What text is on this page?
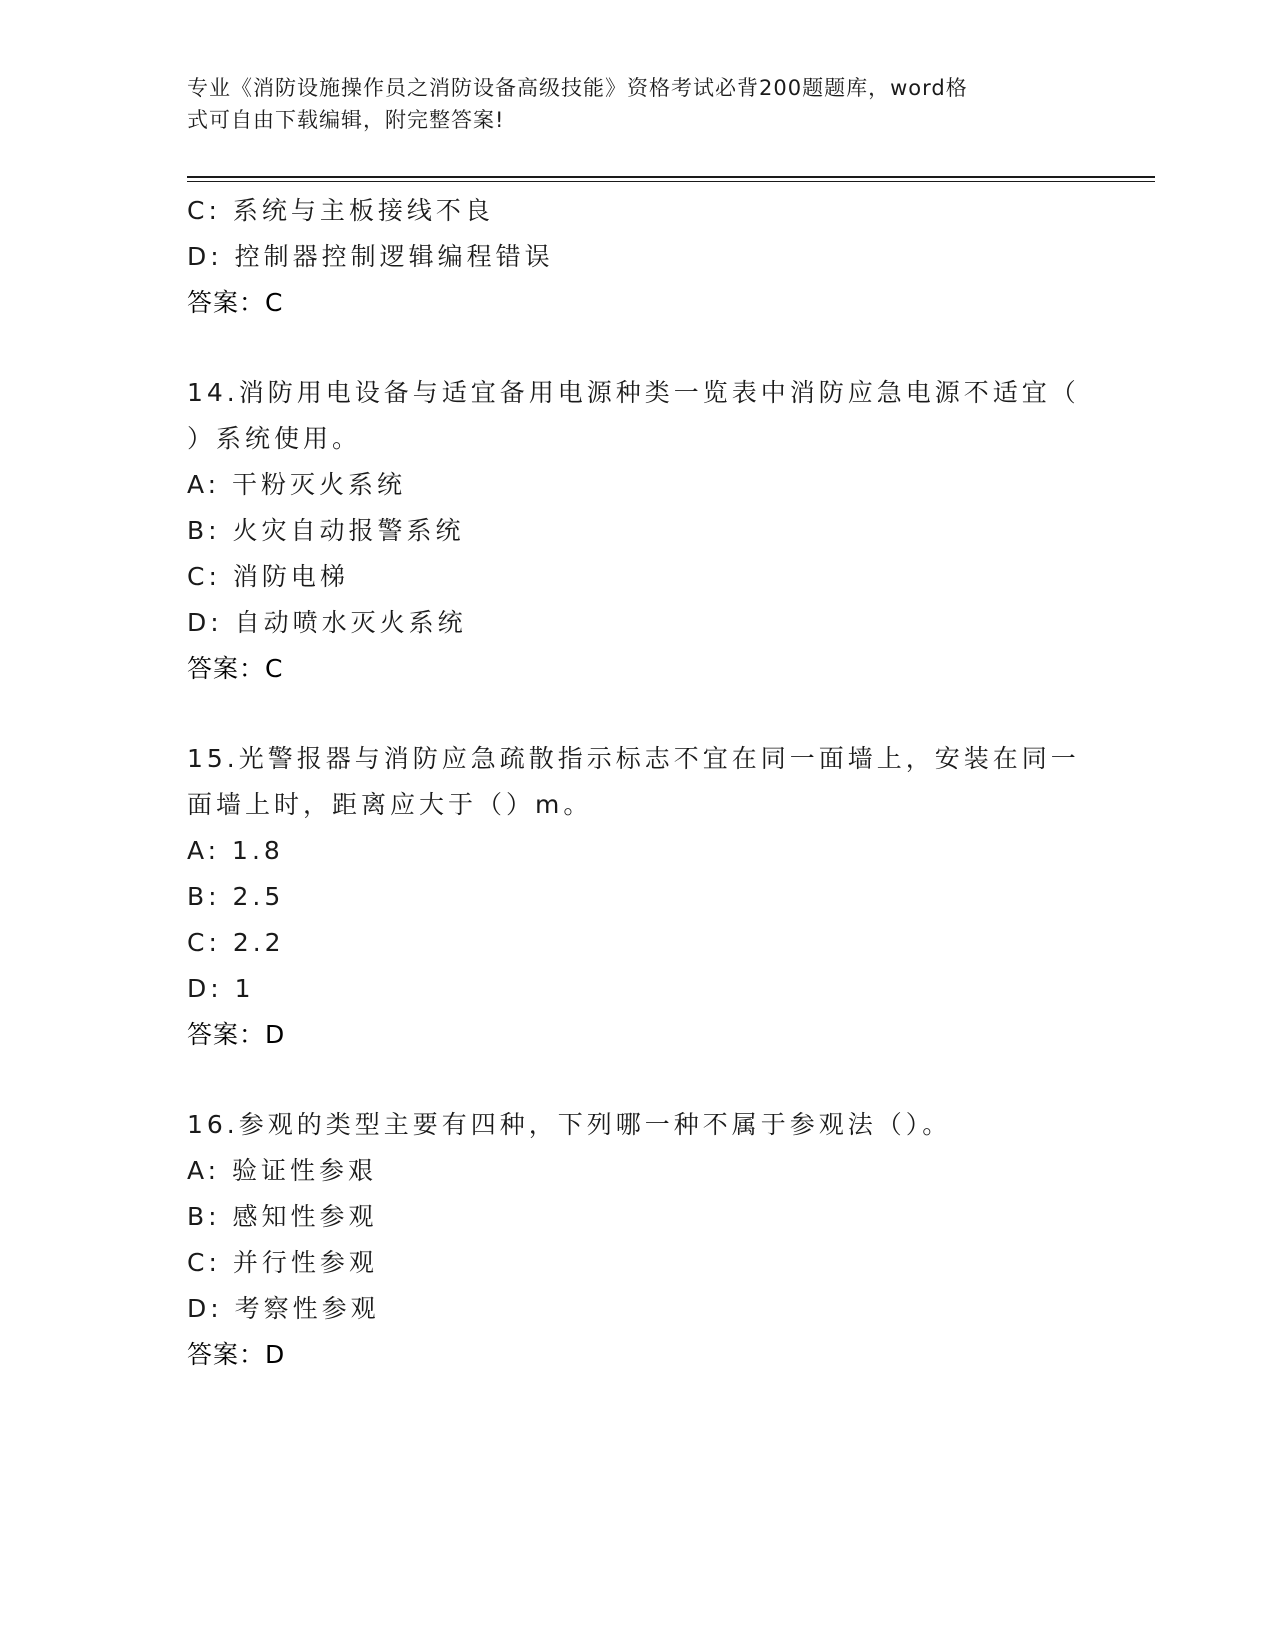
专业《消防设施操作员之消防设备高级技能》资格考试必背200题题库，word格
式可自由下载编辑，附完整答案!
C: 系统与主板接线不良
D: 控制器控制逻辑编程错误
答案：C
14.消防用电设备与适宜备用电源种类一览表中消防应急电源不适宜（
）系统使用。
A: 干粉灭火系统
B: 火灾自动报警系统
C: 消防电梯
D: 自动喷水灭火系统
答案：C
15.光警报器与消防应急疏散指示标志不宜在同一面墙上，安装在同一
面墙上时，距离应大于（）m。
A: 1.8
B: 2.5
C: 2.2
D: 1
答案：D
16.参观的类型主要有四种，下列哪一种不属于参观法（）。
A: 验证性参艰
B: 感知性参观
C: 并行性参观
D: 考察性参观
答案：D
